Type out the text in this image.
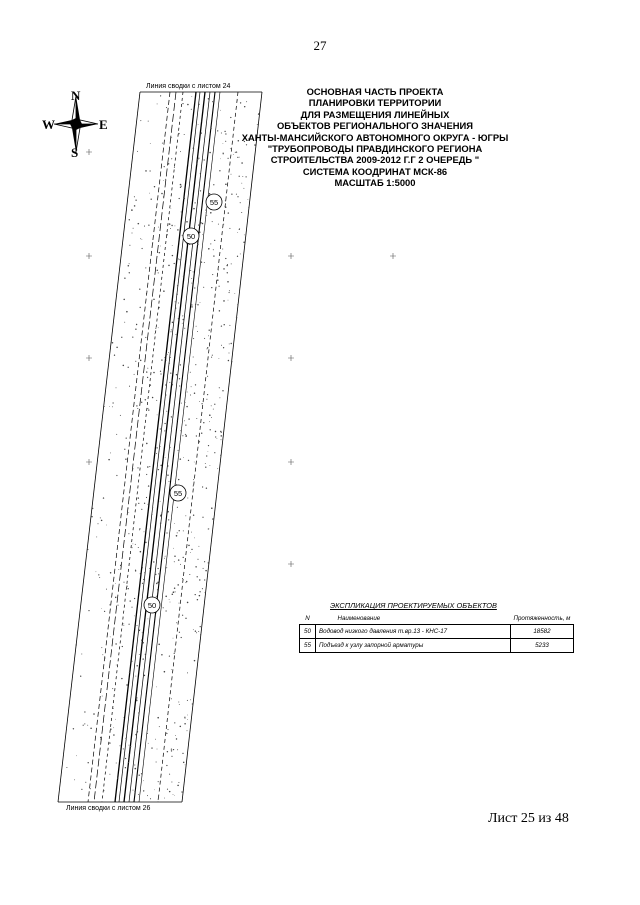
27
N
S
E
W
55
50
55
50
Линия сводки с листом 24
Линия сводки с листом 26
ОСНОВНАЯ ЧАСТЬ ПРОЕКТА
ПЛАНИРОВКИ ТЕРРИТОРИИ
ДЛЯ РАЗМЕЩЕНИЯ ЛИНЕЙНЫХ
ОБЪЕКТОВ РЕГИОНАЛЬНОГО ЗНАЧЕНИЯ
ХАНТЫ-МАНСИЙСКОГО АВТОНОМНОГО ОКРУГА - ЮГРЫ
"ТРУБОПРОВОДЫ ПРАВДИНСКОГО РЕГИОНА
СТРОИТЕЛЬСТВА 2009-2012 Г.Г 2 ОЧЕРЕДЬ "
СИСТЕМА КООДРИНАТ МСК-86
МАСШТАБ 1:5000
ЭКСПЛИКАЦИЯ ПРОЕКТИРУЕМЫХ ОБЪЕКТОВ
N	Наименование	Протяженность, м
50	Водовод низкого давления т.вр.13 - КНС-17	18582
55	Подъезд к узлу запорной арматуры	5233
Лист 25 из 48
